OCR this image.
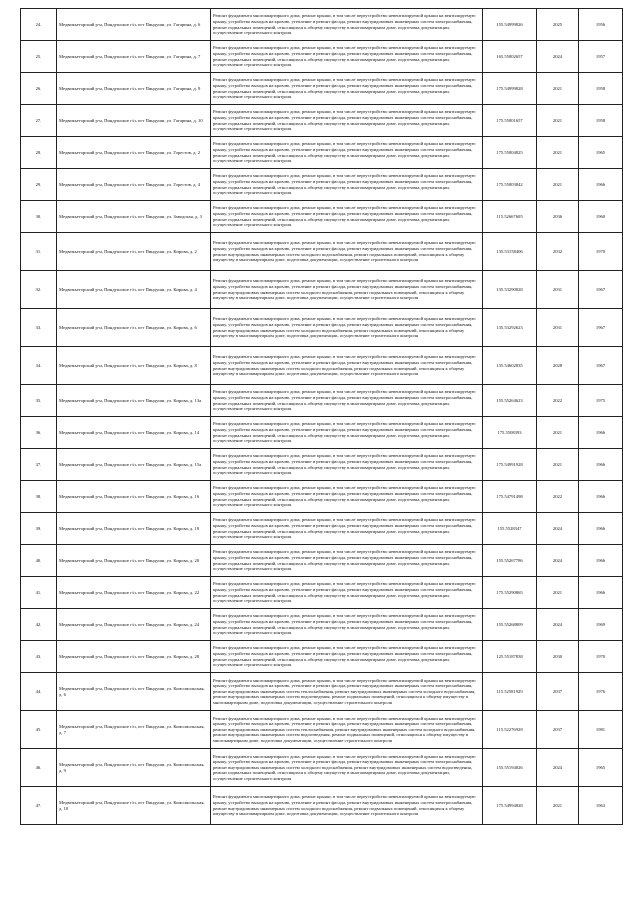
24.	Медвежьегорский р-н, Пиндушское г/п, пгт Пиндуши, ул. Гагарина, д. 6	Ремонт фундамента многоквартирного дома, ремонт крыши, в том числе переустройство невентилируемой крыши на вентилируемую крышу, устройство выходов на кровлю, утепление и ремонт фасада, ремонт внутридомовых инженерных систем электроснабжения, ремонт подвальных помещений, относящихся к общему имуществу в многоквартирном доме, подготовка документации, осуществление строительного контроля	155.54999826	2025	1956
25.	Медвежьегорский р-н, Пиндушское г/п, пгт Пиндуши, ул. Гагарина, д. 7	Ремонт фундамента многоквартирного дома, ремонт крыши, в том числе переустройство невентилируемой крыши на вентилируемую крышу, устройство выходов на кровлю, утепление и ремонт фасада, ремонт внутридомовых инженерных систем электроснабжения, ремонт подвальных помещений, относящихся к общему имуществу в многоквартирном доме, подготовка документации, осуществление строительного контроля	165.55002657	2024	1957
26.	Медвежьегорский р-н, Пиндушское г/п, пгт Пиндуши, ул. Гагарина, д. 9	Ремонт фундамента многоквартирного дома, ремонт крыши, в том числе переустройство невентилируемой крыши на вентилируемую крышу, устройство выходов на кровлю, утепление и ремонт фасада, ремонт внутридомовых инженерных систем электроснабжения, ремонт подвальных помещений, относящихся к общему имуществу в многоквартирном доме, подготовка документации, осуществление строительного контроля	175.54999828	2021	1958
27.	Медвежьегорский р-н, Пиндушское г/п, пгт Пиндуши, ул. Гагарина, д. 10	Ремонт фундамента многоквартирного дома, ремонт крыши, в том числе переустройство невентилируемой крыши на вентилируемую крышу, устройство выходов на кровлю, утепление и ремонт фасада, ремонт внутридомовых инженерных систем электроснабжения, ремонт подвальных помещений, относящихся к общему имуществу в многоквартирном доме, подготовка документации, осуществление строительного контроля	175.55001657	2021	1958
28.	Медвежьегорский р-н, Пиндушское г/п, пгт Пиндуши, ул. Горестов, д. 2	Ремонт фундамента многоквартирного дома, ремонт крыши, в том числе переустройство невентилируемой крыши на вентилируемую крышу, устройство выходов на кровлю, утепление и ремонт фасада, ремонт внутридомовых инженерных систем электроснабжения, ремонт подвальных помещений, относящихся к общему имуществу в многоквартирном доме, подготовка документации, осуществление строительного контроля	175.55004825	2021	1965
29.	Медвежьегорский р-н, Пиндушское г/п, пгт Пиндуши, ул. Горестов, д. 4	Ремонт фундамента многоквартирного дома, ремонт крыши, в том числе переустройство невентилируемой крыши на вентилируемую крышу, устройство выходов на кровлю, утепление и ремонт фасада, ремонт внутридомовых инженерных систем электроснабжения, ремонт подвальных помещений, относящихся к общему имуществу в многоквартирном доме, подготовка документации, осуществление строительного контроля	175.55003842	2021	1966
30.	Медвежьегорский р-н, Пиндушское г/п, пгт Пиндуши, ул. Заводская, д. 3	Ремонт фундамента многоквартирного дома, ремонт крыши, в том числе переустройство невентилируемой крыши на вентилируемую крышу, устройство выходов на кровлю, утепление и ремонт фасада, ремонт внутридомовых инженерных систем электроснабжения, ремонт подвальных помещений, относящихся к общему имуществу в многоквартирном доме, подготовка документации, осуществление строительного контроля	115.52667605	2036	1960
31.	Медвежьегорский р-н, Пиндушское г/п, пгт Пиндуши, ул. Кирова, д. 2	Ремонт фундамента многоквартирного дома, ремонт крыши, в том числе переустройство невентилируемой крыши на вентилируемую крышу, устройство выходов на кровлю, утепление и ремонт фасада, ремонт внутридомовых инженерных систем электроснабжения, ремонт внутридомовых инженерных систем холодного водоснабжения, ремонт подвальных помещений, относящихся к общему имуществу в многоквартирном доме, подготовка документации, осуществление строительного контроля	135.53158406	2032	1970
32.	Медвежьегорский р-н, Пиндушское г/п, пгт Пиндуши, ул. Кирова, д. 4	Ремонт фундамента многоквартирного дома, ремонт крыши, в том числе переустройство невентилируемой крыши на вентилируемую крышу, устройство выходов на кровлю, утепление и ремонт фасада, ремонт внутридомовых инженерных систем электроснабжения, ремонт внутридомовых инженерных систем холодного водоснабжения, ремонт подвальных помещений, относящихся к общему имуществу в многоквартирном доме, подготовка документации, осуществление строительного контроля	135.53290828	2031	1967
33.	Медвежьегорский р-н, Пиндушское г/п, пгт Пиндуши, ул. Кирова, д. 6	Ремонт фундамента многоквартирного дома, ремонт крыши, в том числе переустройство невентилируемой крыши на вентилируемую крышу, устройство выходов на кровлю, утепление и ремонт фасада, ремонт внутридомовых инженерных систем электроснабжения, ремонт внутридомовых инженерных систем холодного водоснабжения, ремонт подвальных помещений, относящихся к общему имуществу в многоквартирном доме, подготовка документации, осуществление строительного контроля	135.53292623	2031	1967
34.	Медвежьегорский р-н, Пиндушское г/п, пгт Пиндуши, ул. Кирова, д. 8	Ремонт фундамента многоквартирного дома, ремонт крыши, в том числе переустройство невентилируемой крыши на вентилируемую крышу, устройство выходов на кровлю, утепление и ремонт фасада, ремонт внутридомовых инженерных систем электроснабжения, ремонт внутридомовых инженерных систем холодного водоснабжения, ремонт подвальных помещений, относящихся к общему имуществу в многоквартирном доме, подготовка документации, осуществление строительного контроля	135.54602835	2028	1967
35.	Медвежьегорский р-н, Пиндушское г/п, пгт Пиндуши, ул. Кирова, д. 13а	Ремонт фундамента многоквартирного дома, ремонт крыши, в том числе переустройство невентилируемой крыши на вентилируемую крышу, устройство выходов на кровлю, утепление и ремонт фасада, ремонт внутридомовых инженерных систем электроснабжения, ремонт подвальных помещений, относящихся к общему имуществу в многоквартирном доме, подготовка документации, осуществление строительного контроля	155.55264623	2022	1975
36.	Медвежьегорский р-н, Пиндушское г/п, пгт Пиндуши, ул. Кирова, д. 14	Ремонт фундамента многоквартирного дома, ремонт крыши, в том числе переустройство невентилируемой крыши на вентилируемую крышу, устройство выходов на кровлю, утепление и ремонт фасада, ремонт внутридомовых инженерных систем электроснабжения, ремонт подвальных помещений, относящихся к общему имуществу в многоквартирном доме, подготовка документации, осуществление строительного контроля	175.5508393	2021	1966
37.	Медвежьегорский р-н, Пиндушское г/п, пгт Пиндуши, ул. Кирова, д. 15а	Ремонт фундамента многоквартирного дома, ремонт крыши, в том числе переустройство невентилируемой крыши на вентилируемую крышу, устройство выходов на кровлю, утепление и ремонт фасада, ремонт внутридомовых инженерных систем электроснабжения, ремонт подвальных помещений, относящихся к общему имуществу в многоквартирном доме, подготовка документации, осуществление строительного контроля	175.54991928	2021	1966
38.	Медвежьегорский р-н, Пиндушское г/п, пгт Пиндуши, ул. Кирова, д. 16	Ремонт фундамента многоквартирного дома, ремонт крыши, в том числе переустройство невентилируемой крыши на вентилируемую крышу, устройство выходов на кровлю, утепление и ремонт фасада, ремонт внутридомовых инженерных систем электроснабжения, ремонт подвальных помещений, относящихся к общему имуществу в многоквартирном доме, подготовка документации, осуществление строительного контроля	175.54791498	2022	1966
39.	Медвежьегорский р-н, Пиндушское г/п, пгт Пиндуши, ул. Кирова, д. 18	Ремонт фундамента многоквартирного дома, ремонт крыши, в том числе переустройство невентилируемой крыши на вентилируемую крышу, устройство выходов на кровлю, утепление и ремонт фасада, ремонт внутридомовых инженерных систем электроснабжения, ремонт подвальных помещений, относящихся к общему имуществу в многоквартирном доме, подготовка документации, осуществление строительного контроля	155.5528347	2024	1966
40.	Медвежьегорский р-н, Пиндушское г/п, пгт Пиндуши, ул. Кирова, д. 20	Ремонт фундамента многоквартирного дома, ремонт крыши, в том числе переустройство невентилируемой крыши на вентилируемую крышу, устройство выходов на кровлю, утепление и ремонт фасада, ремонт внутридомовых инженерных систем электроснабжения, ремонт подвальных помещений, относящихся к общему имуществу в многоквартирном доме, подготовка документации, осуществление строительного контроля	155.55267786	2024	1966
41.	Медвежьегорский р-н, Пиндушское г/п, пгт Пиндуши, ул. Кирова, д. 22	Ремонт фундамента многоквартирного дома, ремонт крыши, в том числе переустройство невентилируемой крыши на вентилируемую крышу, устройство выходов на кровлю, утепление и ремонт фасада, ремонт внутридомовых инженерных систем электроснабжения, ремонт подвальных помещений, относящихся к общему имуществу в многоквартирном доме, подготовка документации, осуществление строительного контроля	175.55290865	2021	1966
42.	Медвежьегорский р-н, Пиндушское г/п, пгт Пиндуши, ул. Кирова, д. 24	Ремонт фундамента многоквартирного дома, ремонт крыши, в том числе переустройство невентилируемой крыши на вентилируемую крышу, устройство выходов на кровлю, утепление и ремонт фасада, ремонт внутридомовых инженерных систем электроснабжения, ремонт подвальных помещений, относящихся к общему имуществу в многоквартирном доме, подготовка документации, осуществление строительного контроля	155.55268809	2024	1969
43.	Медвежьегорский р-н, Пиндушское г/п, пгт Пиндуши, ул. Кирова, д. 28	Ремонт фундамента многоквартирного дома, ремонт крыши, в том числе переустройство невентилируемой крыши на вентилируемую крышу, устройство выходов на кровлю, утепление и ремонт фасада, ремонт внутридомовых инженерных систем электроснабжения, ремонт подвальных помещений, относящихся к общему имуществу в многоквартирном доме, подготовка документации, осуществление строительного контроля	125.55187838	2030	1970
44.	Медвежьегорский р-н, Пиндушское г/п, пгт Пиндуши, ул. Комсомольская, д. 6	Ремонт фундамента многоквартирного дома, ремонт крыши, в том числе переустройство невентилируемой крыши на вентилируемую крышу, устройство выходов на кровлю, утепление и ремонт фасада, ремонт внутридомовых инженерных систем электроснабжения, ремонт внутридомовых инженерных систем теплоснабжения, ремонт внутридомовых инженерных систем холодного водоснабжения, ремонт внутридомовых инженерных систем водоотведения, ремонт подвальных помещений, относящихся к общему имуществу в многоквартирном доме, подготовка документации, осуществление строительного контроля	115.52581929	2037	1976
45.	Медвежьегорский р-н, Пиндушское г/п, пгт Пиндуши, ул. Комсомольская, д. 7	Ремонт фундамента многоквартирного дома, ремонт крыши, в том числе переустройство невентилируемой крыши на вентилируемую крышу, устройство выходов на кровлю, утепление и ремонт фасада, ремонт внутридомовых инженерных систем электроснабжения, ремонт внутридомовых инженерных систем теплоснабжения, ремонт внутридомовых инженерных систем холодного водоснабжения, ремонт внутридомовых инженерных систем водоотведения, ремонт подвальных помещений, относящихся к общему имуществу в многоквартирном доме, подготовка документации, осуществление строительного контроля	115.52276928	2037	1981
46.	Медвежьегорский р-н, Пиндушское г/п, пгт Пиндуши, ул. Комсомольская, д. 9	Ремонт фундамента многоквартирного дома, ремонт крыши, в том числе переустройство невентилируемой крыши на вентилируемую крышу, устройство выходов на кровлю, утепление и ремонт фасада, ремонт внутридомовых инженерных систем электроснабжения, ремонт внутридомовых инженерных систем холодного водоснабжения, ремонт внутридомовых инженерных систем водоотведения, ремонт подвальных помещений, относящихся к общему имуществу в многоквартирном доме, подготовка документации, осуществление строительного контроля	155.55194826	2024	1965
47.	Медвежьегорский р-н, Пиндушское г/п, пгт Пиндуши, ул. Комсомольская, д. 10	Ремонт фундамента многоквартирного дома, ремонт крыши, в том числе переустройство невентилируемой крыши на вентилируемую крышу, устройство выходов на кровлю, утепление и ремонт фасада, ремонт внутридомовых инженерных систем электроснабжения, ремонт внутридомовых инженерных систем холодного водоснабжения, ремонт подвальных помещений, относящихся к общему имуществу в многоквартирном доме, подготовка документации, осуществление строительного контроля	175.54994828	2021	1963
